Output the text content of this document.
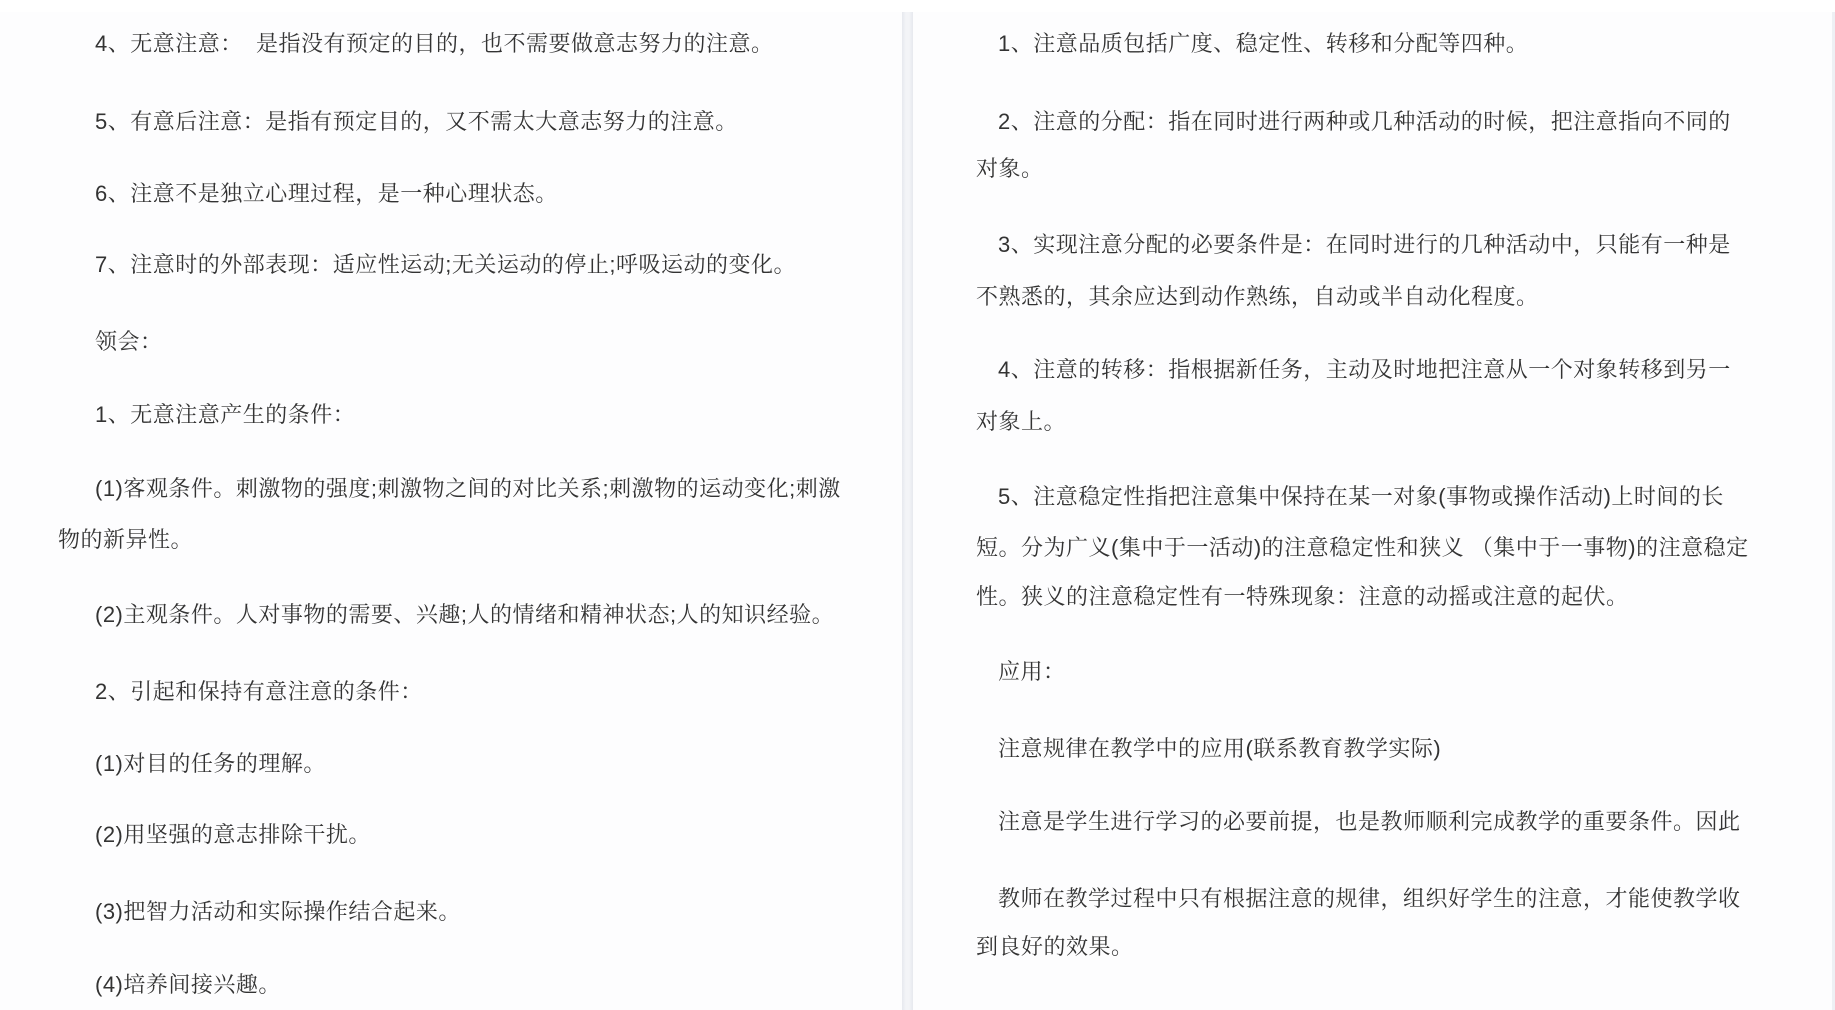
4、无意注意：  是指没有预定的目的，也不需要做意志努力的注意。
5、有意后注意：是指有预定目的，又不需太大意志努力的注意。
6、注意不是独立心理过程，是一种心理状态。
7、注意时的外部表现：适应性运动;无关运动的停止;呼吸运动的变化。
领会：
1、无意注意产生的条件：
(1)客观条件。刺激物的强度;刺激物之间的对比关系;刺激物的运动变化;刺激
物的新异性。
(2)主观条件。人对事物的需要、兴趣;人的情绪和精神状态;人的知识经验。
2、引起和保持有意注意的条件：
(1)对目的任务的理解。
(2)用坚强的意志排除干扰。
(3)把智力活动和实际操作结合起来。
(4)培养间接兴趣。
1、注意品质包括广度、稳定性、转移和分配等四种。
2、注意的分配：指在同时进行两种或几种活动的时候，把注意指向不同的
对象。
3、实现注意分配的必要条件是：在同时进行的几种活动中，只能有一种是
不熟悉的，其余应达到动作熟练，自动或半自动化程度。
4、注意的转移：指根据新任务，主动及时地把注意从一个对象转移到另一
对象上。
5、注意稳定性指把注意集中保持在某一对象(事物或操作活动)上时间的长
短。分为广义(集中于一活动)的注意稳定性和狭义 （集中于一事物)的注意稳定
性。狭义的注意稳定性有一特殊现象：注意的动摇或注意的起伏。
应用：
注意规律在教学中的应用(联系教育教学实际)
注意是学生进行学习的必要前提，也是教师顺利完成教学的重要条件。因此
教师在教学过程中只有根据注意的规律，组织好学生的注意，才能使教学收
到良好的效果。
